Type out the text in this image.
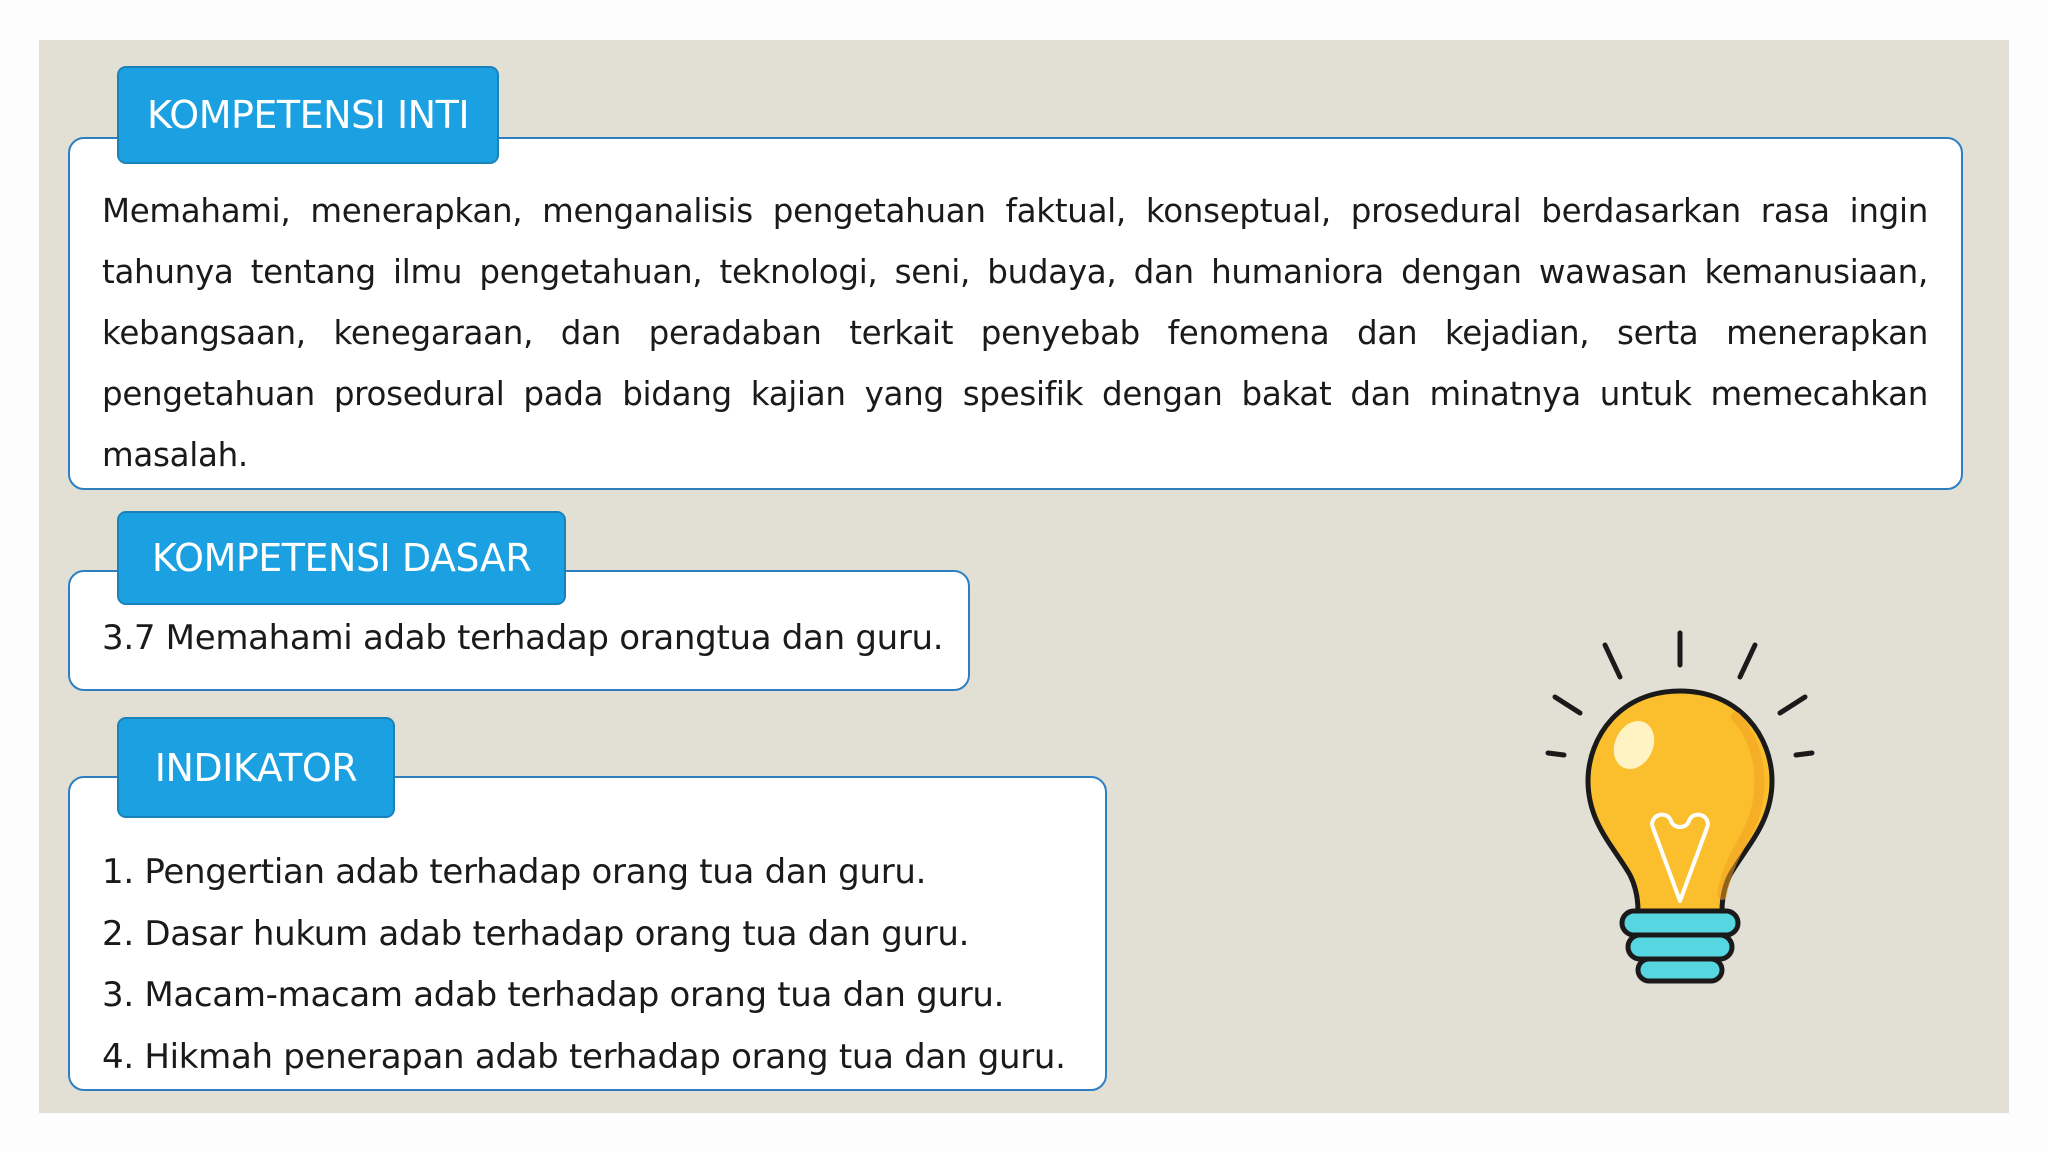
Memahami, menerapkan, menganalisis pengetahuan faktual, konseptual, prosedural berdasarkan rasa ingin tahunya tentang ilmu pengetahuan, teknologi, seni, budaya, dan humaniora dengan wawasan kemanusiaan, kebangsaan, kenegaraan, dan peradaban terkait penyebab fenomena dan kejadian, serta menerapkan pengetahuan prosedural pada bidang kajian yang spesifik dengan bakat dan minatnya untuk memecahkan masalah.
KOMPETENSI INTI
3.7 Memahami adab terhadap orangtua dan guru.
KOMPETENSI DASAR
1. Pengertian adab terhadap orang tua dan guru.
2. Dasar hukum adab terhadap orang tua dan guru.
3. Macam-macam adab terhadap orang tua dan guru.
4. Hikmah penerapan adab terhadap orang tua dan guru.
INDIKATOR
